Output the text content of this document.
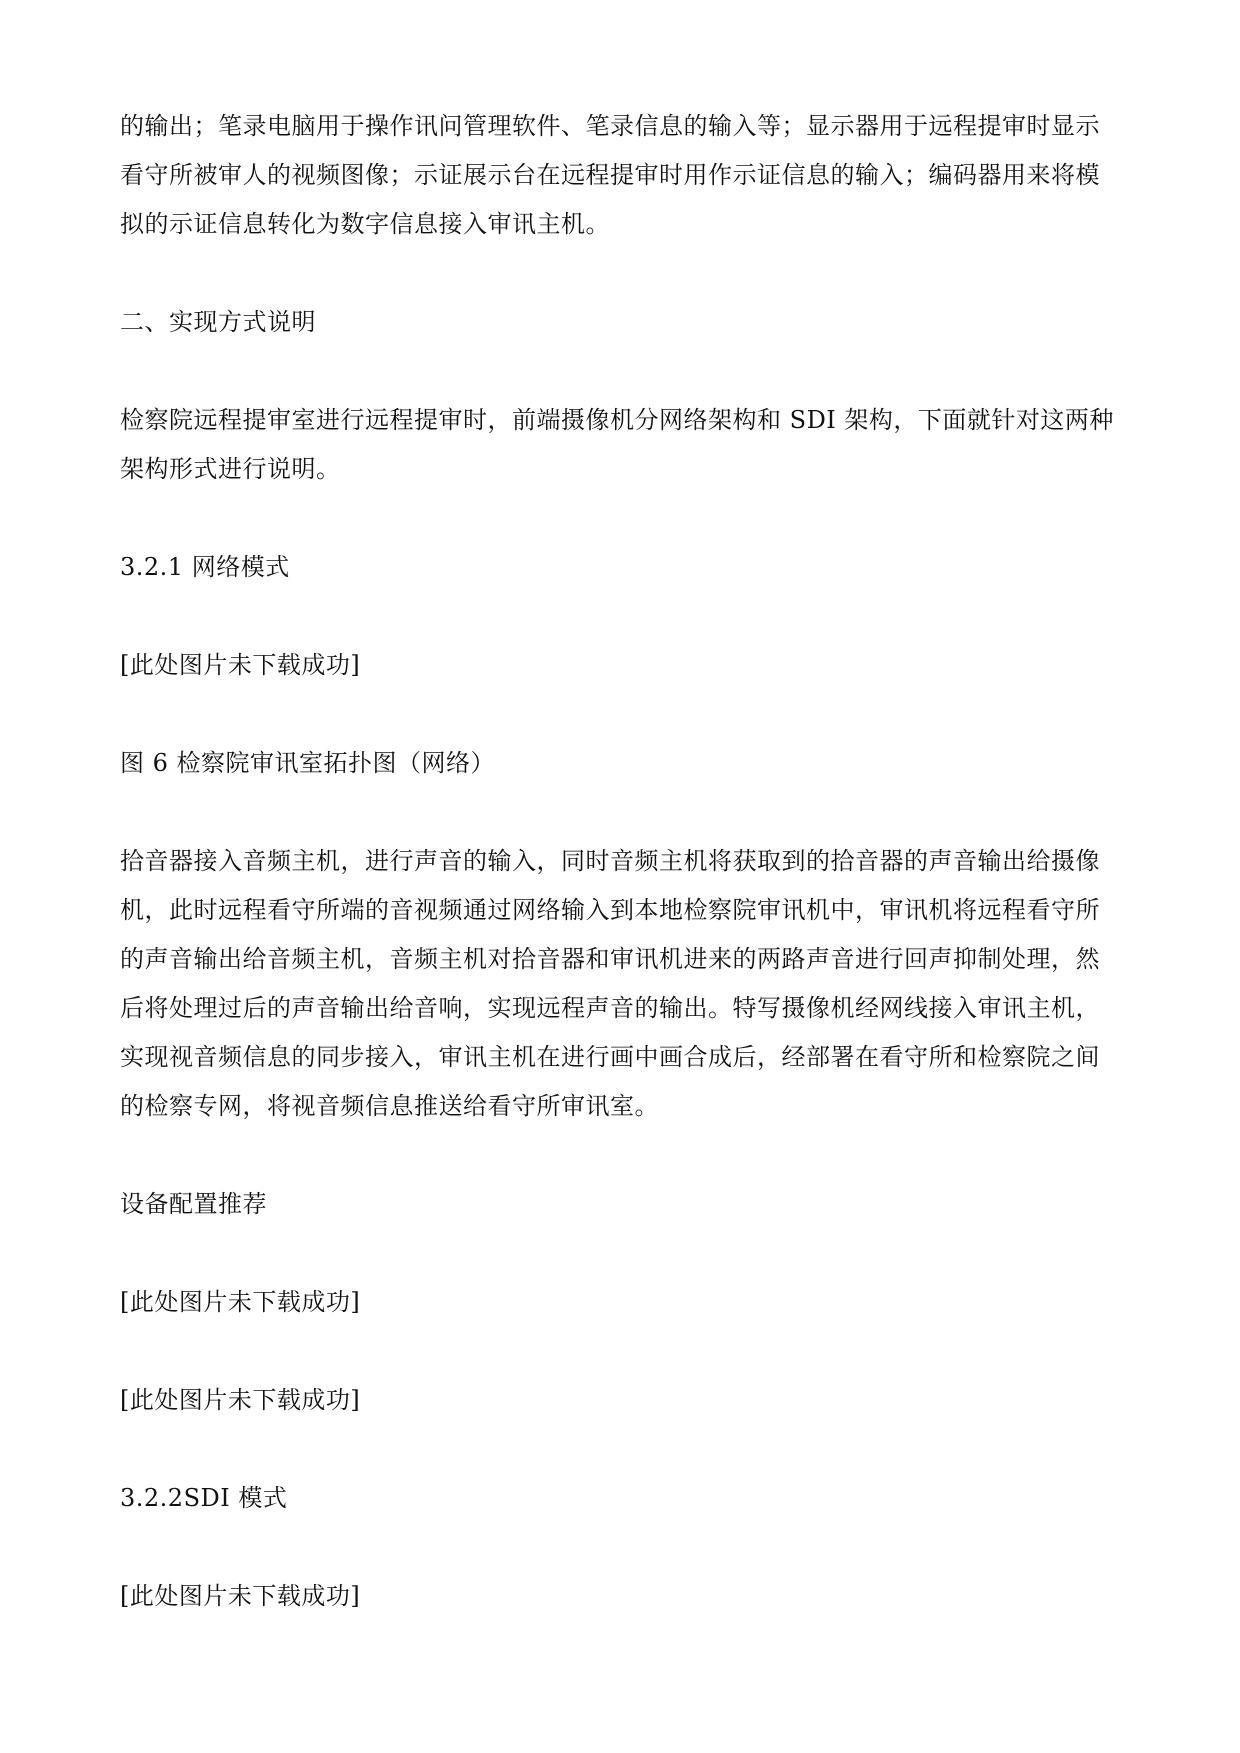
的输出；笔录电脑用于操作讯问管理软件、笔录信息的输入等；显示器用于远程提审时显示
看守所被审人的视频图像；示证展示台在远程提审时用作示证信息的输入；编码器用来将模
拟的示证信息转化为数字信息接入审讯主机。
二、实现方式说明
检察院远程提审室进行远程提审时，前端摄像机分网络架构和 SDI 架构，下面就针对这两种
架构形式进行说明。
3.2.1 网络模式
[此处图片未下载成功]
图 6 检察院审讯室拓扑图（网络）
拾音器接入音频主机，进行声音的输入，同时音频主机将获取到的拾音器的声音输出给摄像
机，此时远程看守所端的音视频通过网络输入到本地检察院审讯机中，审讯机将远程看守所
的声音输出给音频主机，音频主机对拾音器和审讯机进来的两路声音进行回声抑制处理，然
后将处理过后的声音输出给音响，实现远程声音的输出。特写摄像机经网线接入审讯主机，
实现视音频信息的同步接入，审讯主机在进行画中画合成后，经部署在看守所和检察院之间
的检察专网，将视音频信息推送给看守所审讯室。
设备配置推荐
[此处图片未下载成功]
[此处图片未下载成功]
3.2.2SDI 模式
[此处图片未下载成功]
